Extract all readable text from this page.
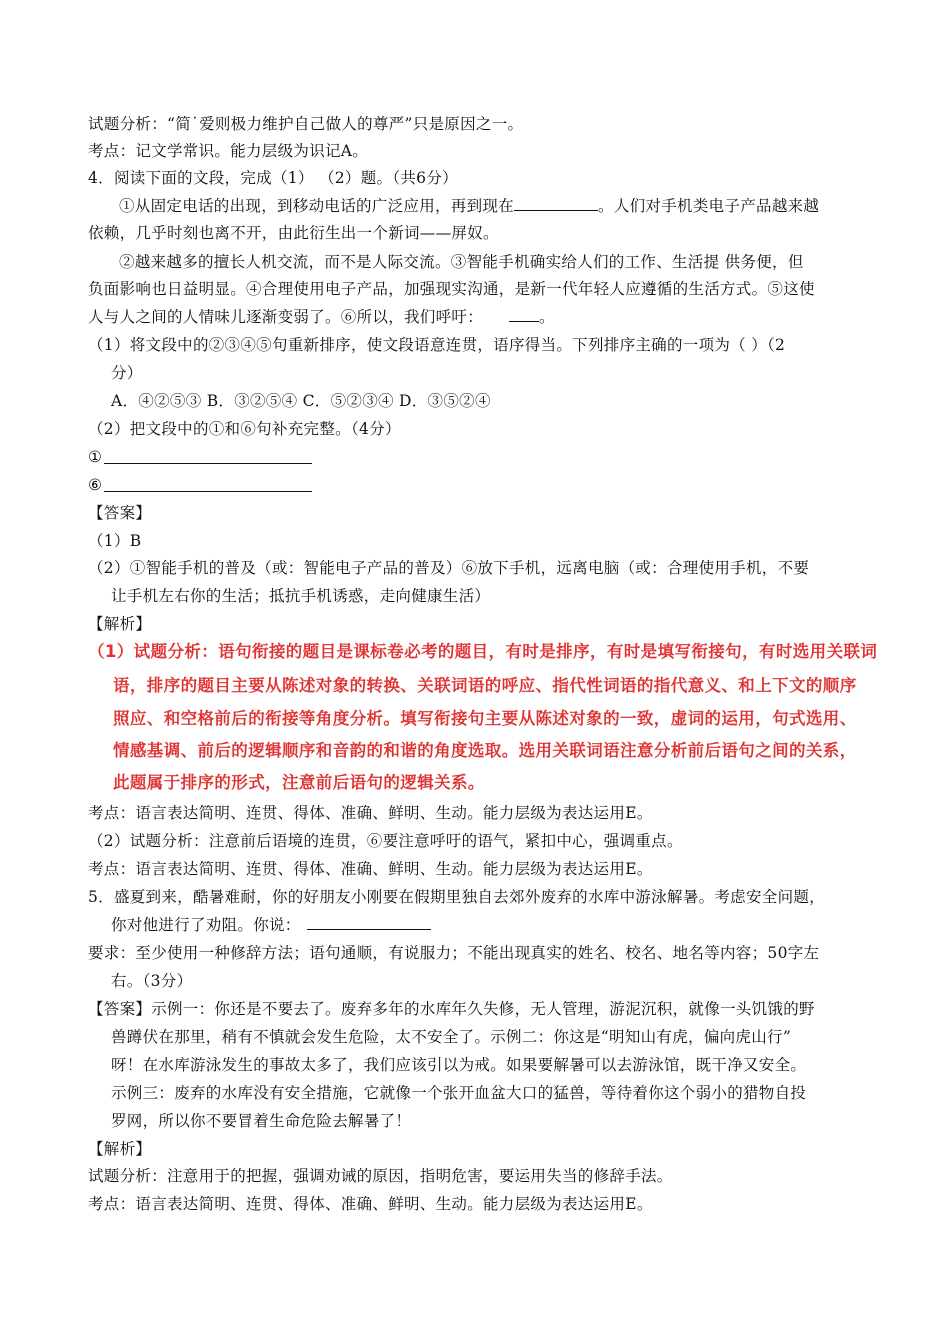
试题分析：“简˙爱则极力维护自己做人的尊严”只是原因之一。
考点：记文学常识。能力层级为识记A。
4．阅读下面的文段，完成（1） （2）题。（共6分）
①从固定电话的出现，到移动电话的广泛应用，再到现在	。人们对手机类电子产品越来越
依赖，几乎时刻也离不开，由此衍生出一个新词——屏奴。
②越来越多的擅长人机交流，而不是人际交流。③智能手机确实给人们的工作、生活提 供务便，但
负面影响也日益明显。④合理使用电子产品，加强现实沟通，是新一代年轻人应遵循的生活方式。⑤这使
人与人之间的人情味儿逐渐变弱了。⑥所以，我们呼吁：	。
（1）将文段中的②③④⑤句重新排序，使文段语意连贯，语序得当。下列排序主确的一项为（ ）（2
分）
A．④②⑤③ B．③②⑤④ C．⑤②③④ D．③⑤②④
（2）把文段中的①和⑥句补充完整。（4分）
①
⑥
【答案】
（1）B
（2）①智能手机的普及（或：智能电子产品的普及）⑥放下手机，远离电脑（或：合理使用手机，不要
让手机左右你的生活；抵抗手机诱惑，走向健康生活）
【解析】
（1）试题分析：语句衔接的题目是课标卷必考的题目，有时是排序，有时是填写衔接句，有时选用关联词
语，排序的题目主要从陈述对象的转换、关联词语的呼应、指代性词语的指代意义、和上下文的顺序
照应、和空格前后的衔接等角度分析。填写衔接句主要从陈述对象的一致，虚词的运用，句式选用、
情感基调、前后的逻辑顺序和音韵的和谐的角度选取。选用关联词语注意分析前后语句之间的关系，
此题属于排序的形式，注意前后语句的逻辑关系。
考点：语言表达简明、连贯、得体、准确、鲜明、生动。能力层级为表达运用E。
（2）试题分析：注意前后语境的连贯，⑥要注意呼吁的语气，紧扣中心，强调重点。
考点：语言表达简明、连贯、得体、准确、鲜明、生动。能力层级为表达运用E。
5．盛夏到来，酷暑难耐，你的好朋友小刚要在假期里独自去郊外废弃的水库中游泳解暑。考虑安全问题，
你对他进行了劝阻。你说：
要求：至少使用一种修辞方法；语句通顺，有说服力；不能出现真实的姓名、校名、地名等内容；50字左
右。（3分）
【答案】示例一：你还是不要去了。废弃多年的水库年久失修，无人管理，游泥沉积，就像一头饥饿的野
兽蹲伏在那里，稍有不慎就会发生危险，太不安全了。示例二：你这是“明知山有虎，偏向虎山行”
呀！在水库游泳发生的事故太多了，我们应该引以为戒。如果要解暑可以去游泳馆，既干净又安全。
示例三：废弃的水库没有安全措施，它就像一个张开血盆大口的猛兽，等待着你这个弱小的猎物自投
罗网，所以你不要冒着生命危险去解暑了！
【解析】
试题分析：注意用于的把握，强调劝诫的原因，指明危害，要运用失当的修辞手法。
考点：语言表达简明、连贯、得体、准确、鲜明、生动。能力层级为表达运用E。
